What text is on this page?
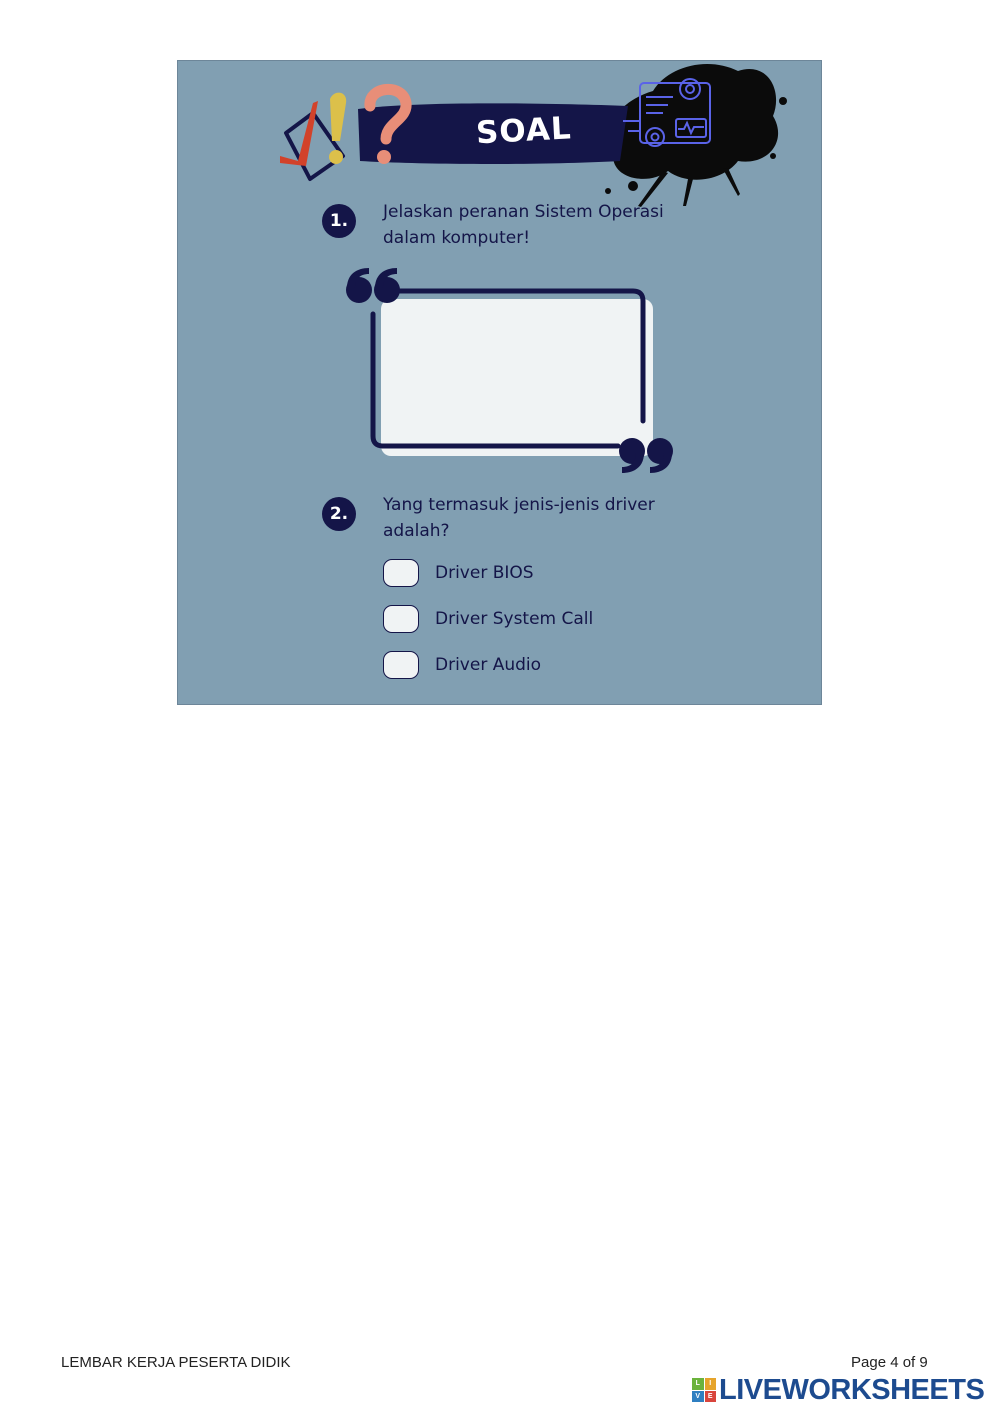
SOAL
1.	Jelaskan peranan Sistem Operasi dalam komputer!
2.	Yang termasuk jenis-jenis driver adalah?
Driver BIOS
Driver System Call
Driver Audio
LEMBAR KERJA PESERTA DIDIK	Page 4 of 9
L	I
V	E LIVEWORKSHEETS
